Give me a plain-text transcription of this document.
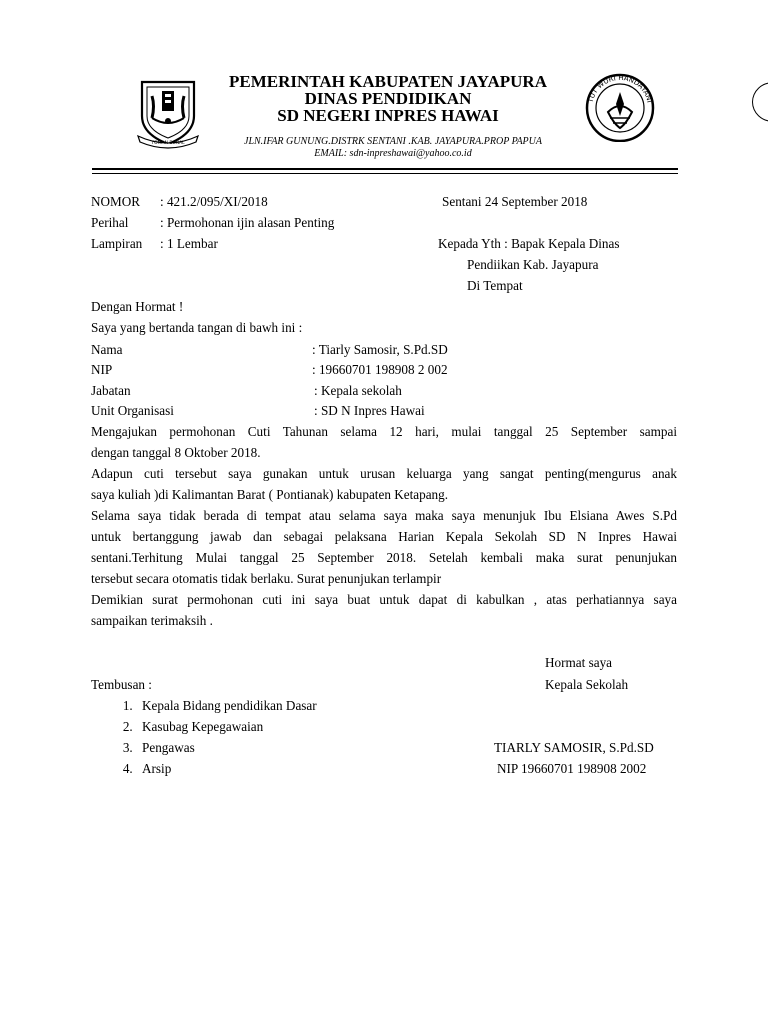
TOMAN DENAL
PEMERINTAH KABUPATEN JAYAPURA
DINAS PENDIDIKAN
SD NEGERI INPRES HAWAI
JLN.IFAR GUNUNG.DISTRK SENTANI .KAB. JAYAPURA.PROP PAPUA
EMAIL: sdn-inpreshawai@yahoo.co.id
TUT WURI HANDAYANI
NOMOR : 421.2/095/XI/2018	Sentani 24 September 2018
Perihal : Permohonan ijin alasan Penting
Lampiran : 1 Lembar	Kepada Yth : Bapak Kepala Dinas
Pendiikan Kab. Jayapura
Di Tempat
Dengan Hormat !
Saya yang bertanda tangan di bawh ini :
Nama	: Tiarly Samosir, S.Pd.SD
NIP	: 19660701 198908 2 002
Jabatan	: Kepala sekolah
Unit Organisasi	: SD N Inpres Hawai
Mengajukan permohonan Cuti Tahunan selama 12 hari, mulai tanggal 25 September sampai
dengan tanggal 8 Oktober 2018.
Adapun cuti tersebut saya gunakan untuk urusan keluarga yang sangat penting(mengurus anak
saya kuliah )di Kalimantan Barat ( Pontianak) kabupaten Ketapang.
Selama saya tidak berada di tempat atau selama saya maka saya menunjuk Ibu Elsiana Awes S.Pd
untuk bertanggung jawab dan sebagai pelaksana Harian Kepala Sekolah SD N Inpres Hawai
sentani.Terhitung Mulai tanggal 25 September 2018. Setelah kembali maka surat penunjukan
tersebut secara otomatis tidak berlaku. Surat penunjukan terlampir
Demikian surat permohonan cuti ini saya buat untuk dapat di kabulkan , atas perhatiannya saya
sampaikan terimaksih .
Hormat saya
Kepala Sekolah
TIARLY SAMOSIR, S.Pd.SD
NIP 19660701 198908 2002
Tembusan :
1. Kepala Bidang pendidikan Dasar
2. Kasubag Kepegawaian
3. Pengawas
4. Arsip
